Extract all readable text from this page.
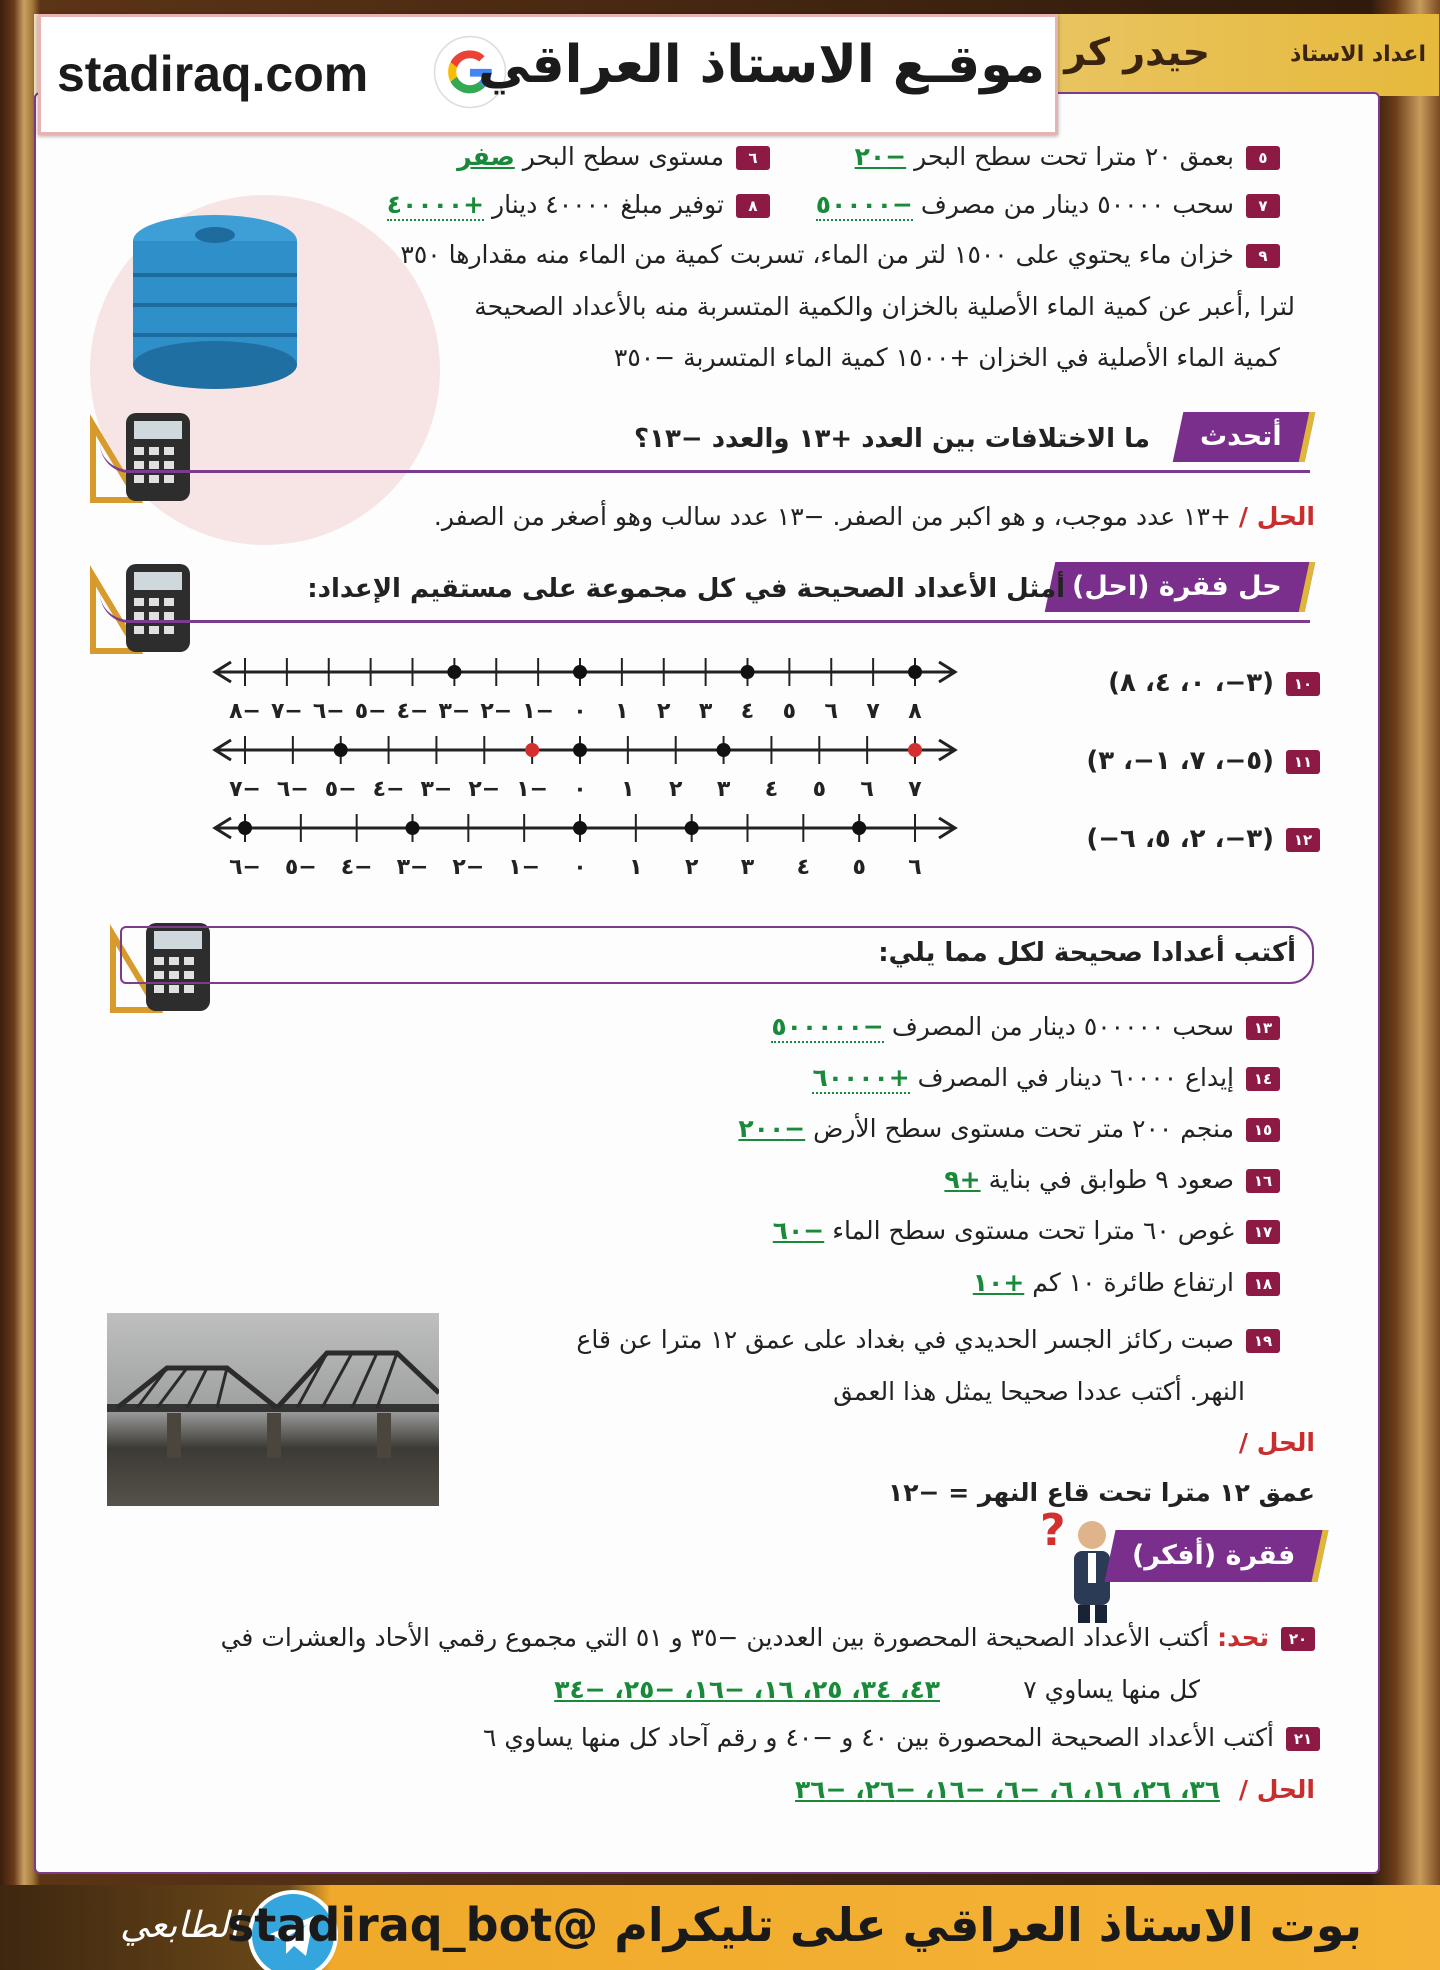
اعداد الاستاذ
حيدر كر
stadiraq.com موقـع الاستاذ العراقي
٥بعمق ٢٠ مترا تحت سطح البحر −٢٠
٦مستوى سطح البحر صفر
٧سحب ٥٠٠٠٠ دينار من مصرف −٥٠٠٠٠
٨توفير مبلغ ٤٠٠٠٠ دينار +٤٠٠٠٠
٩خزان ماء يحتوي على ١٥٠٠ لتر من الماء، تسربت كمية من الماء منه مقدارها ٣٥٠
لترا ,أعبر عن كمية الماء الأصلية بالخزان والكمية المتسربة منه بالأعداد الصحيحة
كمية الماء الأصلية في الخزان +١٥٠٠ كمية الماء المتسربة −٣٥٠
أتحدث
ما الاختلافات بين العدد +١٣ والعدد −١٣؟
الحل / +١٣ عدد موجب، و هو اكبر من الصفر. −١٣ عدد سالب وهو أصغر من الصفر.
حل فقرة (احل)
أمثل الأعداد الصحيحة في كل مجموعة على مستقيم الإعداد:
٨− ٧− ٦− ٥− ٤− ٣− ٢− ١− ٠ ١ ٢ ٣ ٤ ٥ ٦ ٧ ٨
٧− ٦− ٥− ٤− ٣− ٢− ١− ٠ ١ ٢ ٣ ٤ ٥ ٦ ٧
٦− ٥− ٤− ٣− ٢− ١− ٠ ١ ٢ ٣ ٤ ٥ ٦
١٠(٣−، ٠، ٤، ٨)
١١(٥−، ٧، ١−، ٣)
١٢(٣−، ٢، ٥، ٦−)
أكتب أعدادا صحيحة لكل مما يلي:
١٣سحب ٥٠٠٠٠٠ دينار من المصرف −٥٠٠٠٠٠
١٤إيداع ٦٠٠٠٠ دينار في المصرف +٦٠٠٠٠
١٥منجم ٢٠٠ متر تحت مستوى سطح الأرض −٢٠٠
١٦صعود ٩ طوابق في بناية +٩
١٧غوص ٦٠ مترا تحت مستوى سطح الماء −٦٠
١٨ارتفاع طائرة ١٠ كم +١٠
١٩صبت ركائز الجسر الحديدي في بغداد على عمق ١٢ مترا عن قاع
النهر. أكتب عددا صحيحا يمثل هذا العمق
الحل /
عمق ١٢ مترا تحت قاع النهر = −١٢
?	فقرة (أفكر)
٢٠تحد: أكتب الأعداد الصحيحة المحصورة بين العددين −٣٥ و ٥١ التي مجموع رقمي الأحاد والعشرات في
كل منها يساوي ٧
٤٣، ٣٤، ٢٥، ١٦، −١٦، −٢٥، −٣٤
٢١أكتب الأعداد الصحيحة المحصورة بين ٤٠ و −٤٠ و رقم آحاد كل منها يساوي ٦
الحل /
٣٦، ٢٦، ١٦، ٦، −٦، −١٦، −٢٦، −٣٦
الطابعي
بوت الاستاذ العراقي على تليكرام @stadiraq_bot
